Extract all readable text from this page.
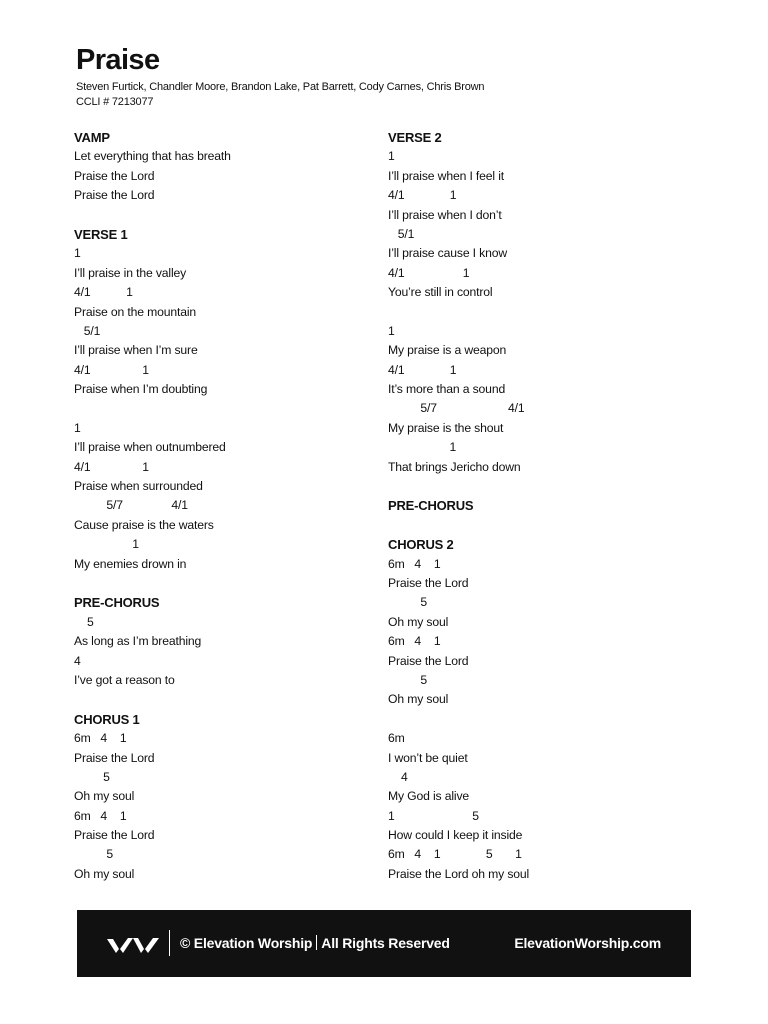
Praise
Steven Furtick, Chandler Moore, Brandon Lake, Pat Barrett, Cody Carnes, Chris Brown
CCLI # 7213077
VAMP
Let everything that has breath
Praise the Lord
Praise the Lord
VERSE 1
1
I’ll praise in the valley
4/1           1
Praise on the mountain
5/1
I’ll praise when I’m sure
4/1                1
Praise when I’m doubting
1
I’ll praise when outnumbered
4/1                1
Praise when surrounded
5/7               4/1
Cause praise is the waters
1
My enemies drown in
PRE-CHORUS
5
As long as I’m breathing
4
I’ve got a reason to
CHORUS 1
6m   4    1
Praise the Lord
5
Oh my soul
6m   4    1
Praise the Lord
5
Oh my soul
VERSE 2
1
I’ll praise when I feel it
4/1              1
I’ll praise when I don’t
5/1
I’ll praise cause I know
4/1                  1
You’re still in control
1
My praise is a weapon
4/1              1
It’s more than a sound
5/7                      4/1
My praise is the shout
1
That brings Jericho down
PRE-CHORUS
CHORUS 2
6m   4    1
Praise the Lord
5
Oh my soul
6m   4    1
Praise the Lord
5
Oh my soul
6m
I won’t be quiet
4
My God is alive
1                        5
How could I keep it inside
6m   4    1              5       1
Praise the Lord oh my soul
© Elevation Worship All Rights Reserved	ElevationWorship.com
